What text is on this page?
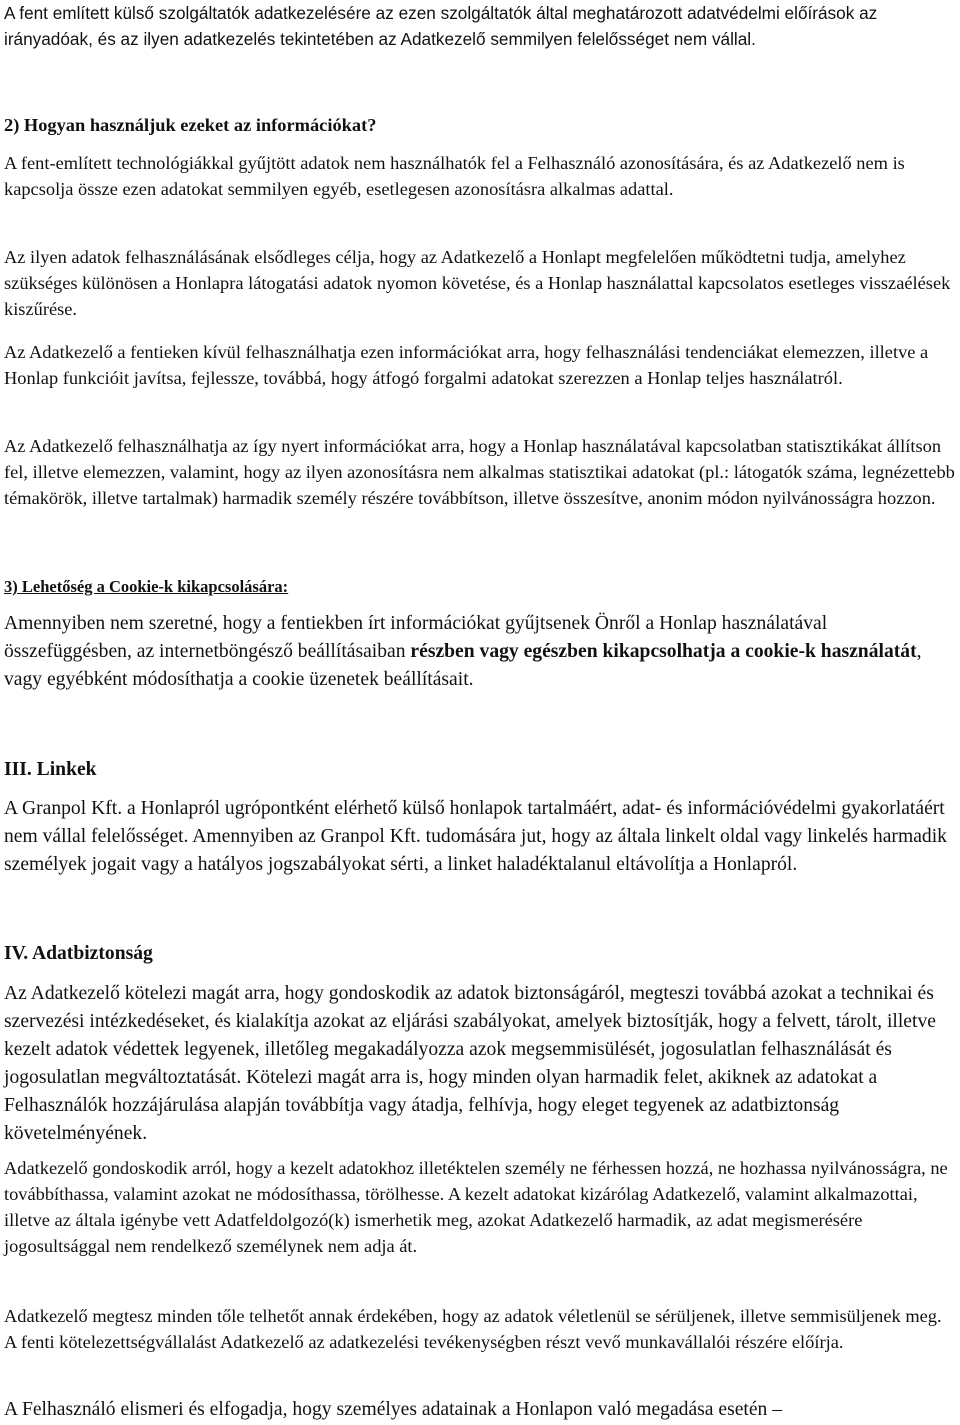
A fent említett külső szolgáltatók adatkezelésére az ezen szolgáltatók által meghatározott adatvédelmi előírások az irányadóak, és az ilyen adatkezelés tekintetében az Adatkezelő semmilyen felelősséget nem vállal.

2) Hogyan használjuk ezeket az információkat?

A fent-említett technológiákkal gyűjtött adatok nem használhatók fel a Felhasználó azonosítására, és az Adatkezelő nem is kapcsolja össze ezen adatokat semmilyen egyéb, esetlegesen azonosításra alkalmas adattal.

Az ilyen adatok felhasználásának elsődleges célja, hogy az Adatkezelő a Honlapt megfelelően működtetni tudja, amelyhez szükséges különösen a Honlapra látogatási adatok nyomon követése, és a Honlap használattal kapcsolatos esetleges visszaélések kiszűrése.

Az Adatkezelő a fentieken kívül felhasználhatja ezen információkat arra, hogy felhasználási tendenciákat elemezzen, illetve a Honlap funkcióit javítsa, fejlessze, továbbá, hogy átfogó forgalmi adatokat szerezzen a Honlap teljes használatról.

Az Adatkezelő felhasználhatja az így nyert információkat arra, hogy a Honlap használatával kapcsolatban statisztikákat állítson fel, illetve elemezzen, valamint, hogy az ilyen azonosításra nem alkalmas statisztikai adatokat (pl.: látogatók száma, legnézettebb témakörök, illetve tartalmak) harmadik személy részére továbbítson, illetve összesítve, anonim módon nyilvánosságra hozzon.

3) Lehetőség a Cookie-k kikapcsolására:

Amennyiben nem szeretné, hogy a fentiekben írt információkat gyűjtsenek Önről a Honlap használatával összefüggésben, az internetböngésző beállításaiban részben vagy egészben kikapcsolhatja a cookie-k használatát, vagy egyébként módosíthatja a cookie üzenetek beállításait.

III. Linkek

A Granpol Kft. a Honlapról ugrópontként elérhető külső honlapok tartalmáért, adat- és információvédelmi gyakorlatáért nem vállal felelősséget. Amennyiben az Granpol Kft. tudomására jut, hogy az általa linkelt oldal vagy linkelés harmadik személyek jogait vagy a hatályos jogszabályokat sérti, a linket haladéktalanul eltávolítja a Honlapról.

IV. Adatbiztonság

Az Adatkezelő kötelezi magát arra, hogy gondoskodik az adatok biztonságáról, megteszi továbbá azokat a technikai és szervezési intézkedéseket, és kialakítja azokat az eljárási szabályokat, amelyek biztosítják, hogy a felvett, tárolt, illetve kezelt adatok védettek legyenek, illetőleg megakadályozza azok megsemmisülését, jogosulatlan felhasználását és jogosulatlan megváltoztatását. Kötelezi magát arra is, hogy minden olyan harmadik felet, akiknek az adatokat a Felhasználók hozzájárulása alapján továbbítja vagy átadja, felhívja, hogy eleget tegyenek az adatbiztonság követelményének.

Adatkezelő gondoskodik arról, hogy a kezelt adatokhoz illetéktelen személy ne férhessen hozzá, ne hozhassa nyilvánosságra, ne továbbíthassa, valamint azokat ne módosíthassa, törölhesse. A kezelt adatokat kizárólag Adatkezelő, valamint alkalmazottai, illetve az általa igénybe vett Adatfeldolgozó(k) ismerhetik meg, azokat Adatkezelő harmadik, az adat megismerésére jogosultsággal nem rendelkező személynek nem adja át.

Adatkezelő megtesz minden tőle telhetőt annak érdekében, hogy az adatok véletlenül se sérüljenek, illetve semmisüljenek meg. A fenti kötelezettségvállalást Adatkezelő az adatkezelési tevékenységben részt vevő munkavállalói részére előírja.

A Felhasználó elismeri és elfogadja, hogy személyes adatainak a Honlapon való megadása esetén –
